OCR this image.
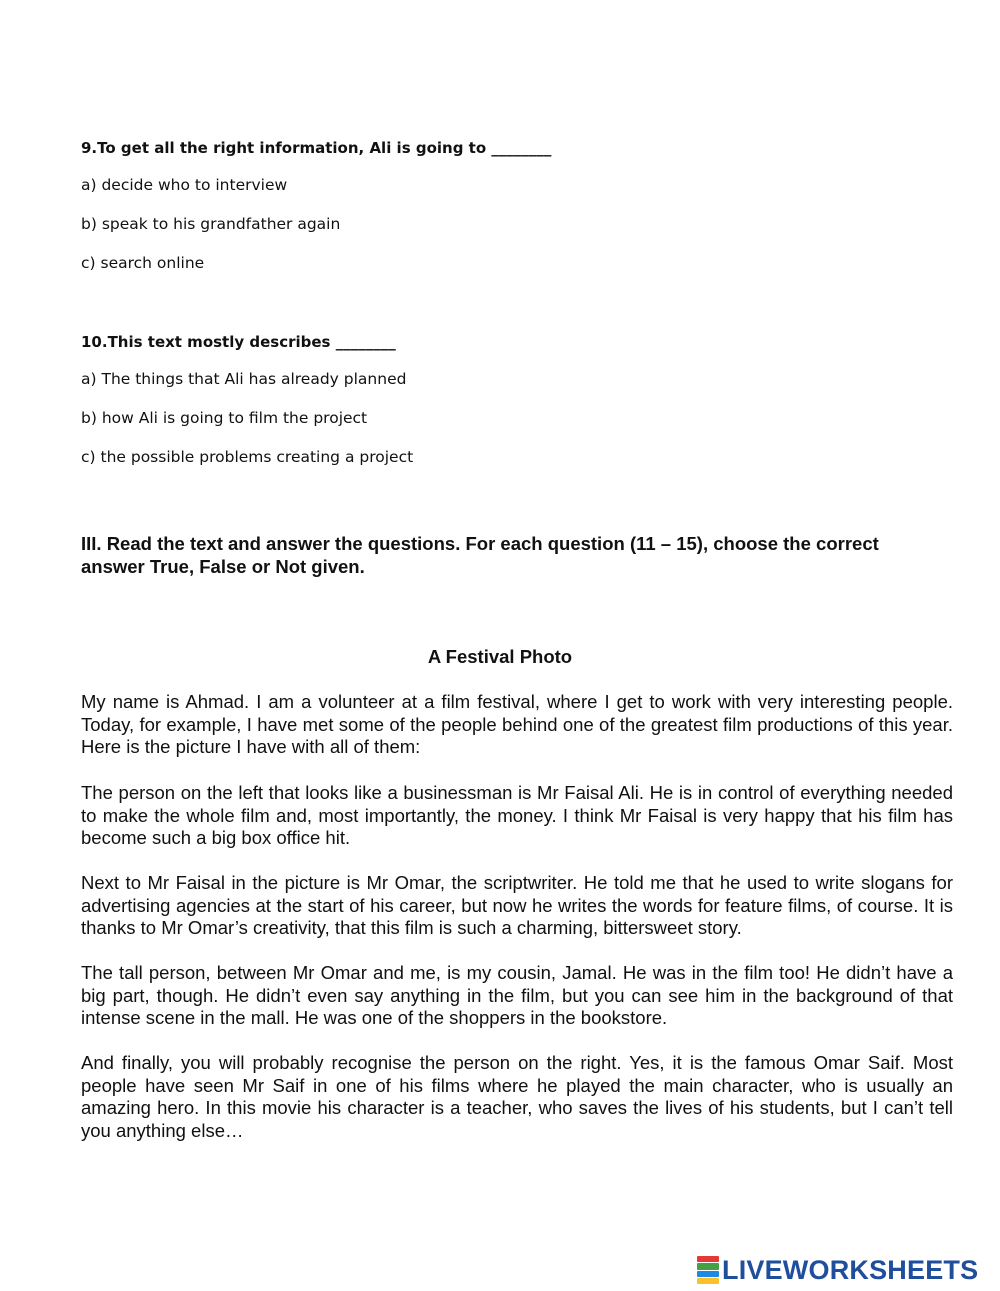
9.To get all the right information, Ali is going to ________

a) decide who to interview

b) speak to his grandfather again

c) search online

10.This text mostly describes ________

a) The things that Ali has already planned

b) how Ali is going to film the project

c) the possible problems creating a project

III. Read the text and answer the questions. For each question (11 – 15), choose the correct answer True, False or Not given.

A Festival Photo

My name is Ahmad. I am a volunteer at a film festival, where I get to work with very interesting people. Today, for example, I have met some of the people behind one of the greatest film productions of this year. Here is the picture I have with all of them:

The person on the left that looks like a businessman is Mr Faisal Ali. He is in control of everything needed to make the whole film and, most importantly, the money. I think Mr Faisal is very happy that his film has become such a big box office hit.

Next to Mr Faisal in the picture is Mr Omar, the scriptwriter. He told me that he used to write slogans for advertising agencies at the start of his career, but now he writes the words for feature films, of course. It is thanks to Mr Omar’s creativity, that this film is such a charming, bittersweet story.

The tall person, between Mr Omar and me, is my cousin, Jamal. He was in the film too! He didn’t have a big part, though. He didn’t even say anything in the film, but you can see him in the background of that intense scene in the mall. He was one of the shoppers in the bookstore.

And finally, you will probably recognise the person on the right. Yes, it is the famous Omar Saif. Most people have seen Mr Saif in one of his films where he played the main character, who is usually an amazing hero. In this movie his character is a teacher, who saves the lives of his students, but I can’t tell you anything else…

LIVEWORKSHEETS
